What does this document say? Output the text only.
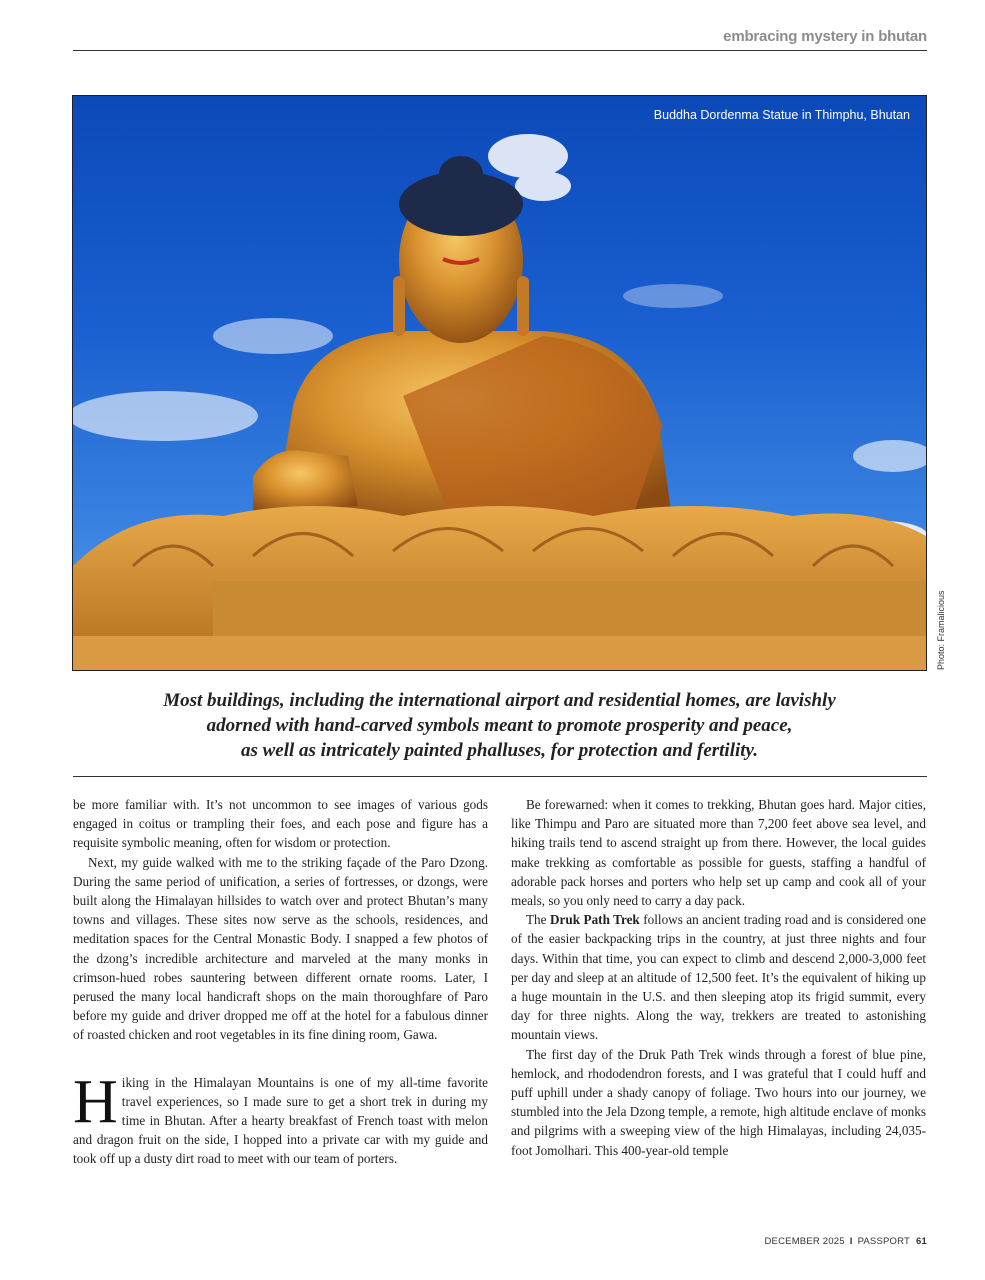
embracing mystery in bhutan
Buddha Dordenma Statue in Thimphu, Bhutan
Photo: Framalicious
Most buildings, including the international airport and residential homes, are lavishly
adorned with hand-carved symbols meant to promote prosperity and peace,
as well as intricately painted phalluses, for protection and fertility.

be more familiar with. It’s not uncommon to see images of various gods engaged in coitus or trampling their foes, and each pose and figure has a requisite symbolic meaning, often for wisdom or protection.

Next, my guide walked with me to the striking façade of the Paro Dzong. During the same period of unification, a series of fortresses, or dzongs, were built along the Himalayan hillsides to watch over and protect Bhutan’s many towns and villages. These sites now serve as the schools, residences, and meditation spaces for the Central Monastic Body. I snapped a few photos of the dzong’s incredible architecture and marveled at the many monks in crimson-hued robes sauntering between different ornate rooms. Later, I perused the many local handicraft shops on the main thoroughfare of Paro before my guide and driver dropped me off at the hotel for a fabulous dinner of roasted chicken and root vegetables in its fine dining room, Gawa.

Hiking in the Himalayan Mountains is one of my all-time favorite travel experiences, so I made sure to get a short trek in during my time in Bhutan. After a hearty breakfast of French toast with melon and dragon fruit on the side, I hopped into a private car with my guide and took off up a dusty dirt road to meet with our team of porters.

Be forewarned: when it comes to trekking, Bhutan goes hard. Major cities, like Thimpu and Paro are situated more than 7,200 feet above sea level, and hiking trails tend to ascend straight up from there. However, the local guides make trekking as comfortable as possible for guests, staffing a handful of adorable pack horses and porters who help set up camp and cook all of your meals, so you only need to carry a day pack.

The Druk Path Trek follows an ancient trading road and is considered one of the easier backpacking trips in the country, at just three nights and four days. Within that time, you can expect to climb and descend 2,000-3,000 feet per day and sleep at an altitude of 12,500 feet. It’s the equivalent of hiking up a huge mountain in the U.S. and then sleeping atop its frigid summit, every day for three nights. Along the way, trekkers are treated to astonishing mountain views.

The first day of the Druk Path Trek winds through a forest of blue pine, hemlock, and rhododendron forests, and I was grateful that I could huff and puff uphill under a shady canopy of foliage. Two hours into our journey, we stumbled into the Jela Dzong temple, a remote, high altitude enclave of monks and pilgrims with a sweeping view of the high Himalayas, including 24,035-foot Jomolhari. This 400-year-old temple

DECEMBER 2025 I PASSPORT 61
